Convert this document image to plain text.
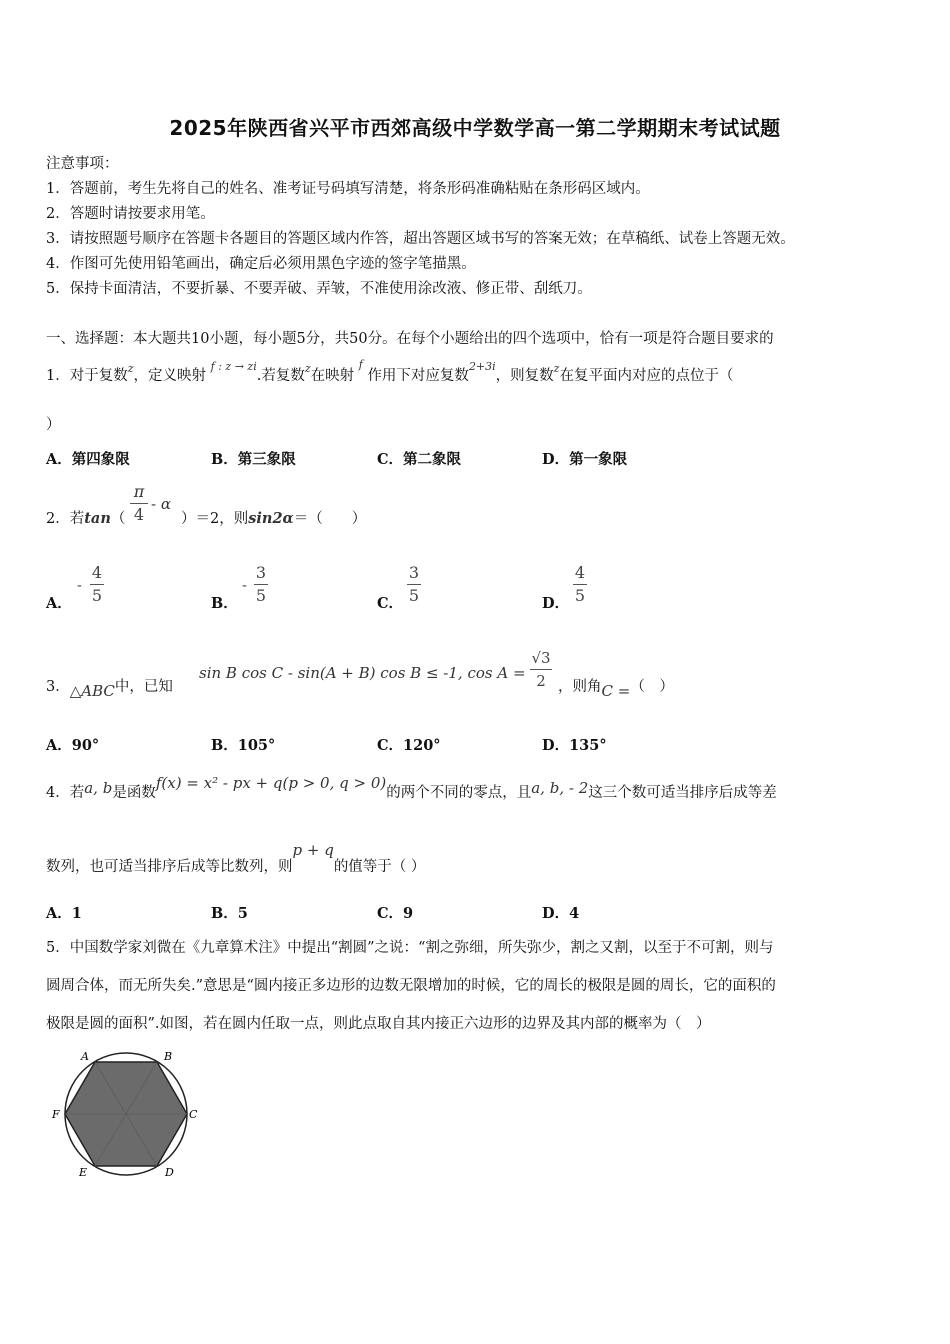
2025年陕西省兴平市西郊高级中学数学高一第二学期期末考试试题
注意事项：
1．答题前，考生先将自己的姓名、准考证号码填写清楚，将条形码准确粘贴在条形码区域内。
2．答题时请按要求用笔。
3．请按照题号顺序在答题卡各题目的答题区域内作答，超出答题区域书写的答案无效；在草稿纸、试卷上答题无效。
4．作图可先使用铅笔画出，确定后必须用黑色字迹的签字笔描黑。
5．保持卡面清洁，不要折暴、不要弄破、弄皱，不准使用涂改液、修正带、刮纸刀。
一、选择题：本大题共10小题，每小题5分，共50分。在每个小题给出的四个选项中，恰有一项是符合题目要求的
1．对于复数$^z$，定义映射 $^{f : z \to zi}$.若复数$^z$在映射 $^f$ 作用下对应复数$^{2+3i}$，则复数$^z$在复平面内对应的点位于（
）
A．第四象限	B．第三象限	C．第二象限	D．第一象限
2．若tan（
π
4
- α
）＝2，则sin2α＝（　　）
A．
-
4
5	B．
-
3
5	C．
3
5	D．
4
5
3．△ABC中，已知
sin B cos C - sin(A + B) cos B ≤ -1, cos A =
√3
2 ，则角C =（　）
A．90°	B．105°	C．120°	D．135°
4．若a, b是函数f(x) = x² - px + q(p > 0, q > 0)的两个不同的零点，且a, b, - 2这三个数可适当排序后成等差
数列，也可适当排序后成等比数列，则p + q的值等于（ ）
A．1	B．5	C．9	D．4
5．中国数学家刘微在《九章算术注》中提出“割圆”之说：“割之弥细，所失弥少，割之又割，以至于不可割，则与
圆周合体，而无所失矣.”意思是“圆内接正多边形的边数无限增加的时候，它的周长的极限是圆的周长，它的面积的
极限是圆的面积”.如图，若在圆内任取一点，则此点取自其内接正六边形的边界及其内部的概率为（　）
A	B
C
D
E
F
